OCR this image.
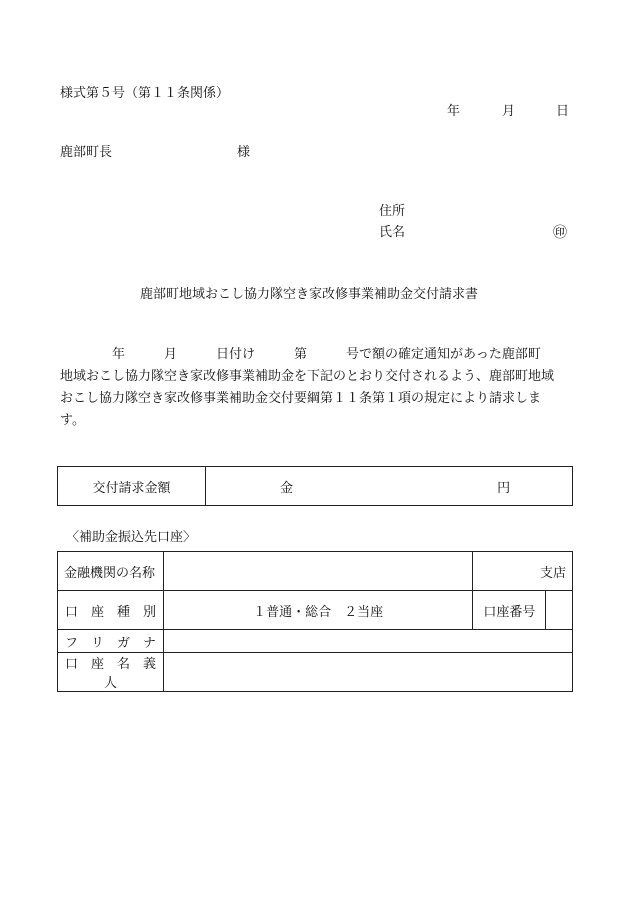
様式第５号（第１１条関係）
年	月	日
鹿部町長	様
住所
氏名	㊞
鹿部町地域おこし協力隊空き家改修事業補助金交付請求書
　　　　年　　　月　　　日付け　　　第　　　号で額の確定通知があった鹿部町
地域おこし協力隊空き家改修事業補助金を下記のとおり交付されるよう、鹿部町地域
おこし協力隊空き家改修事業補助金交付要綱第１１条第１項の規定により請求しま
す。
交付請求金額	金	円
〈補助金振込先口座〉
金融機関の名称		支店	
口　座　種　別	１普通・総合　２当座	口座番号	
フ　リ　ガ　ナ			
口　座　名　義　人			
